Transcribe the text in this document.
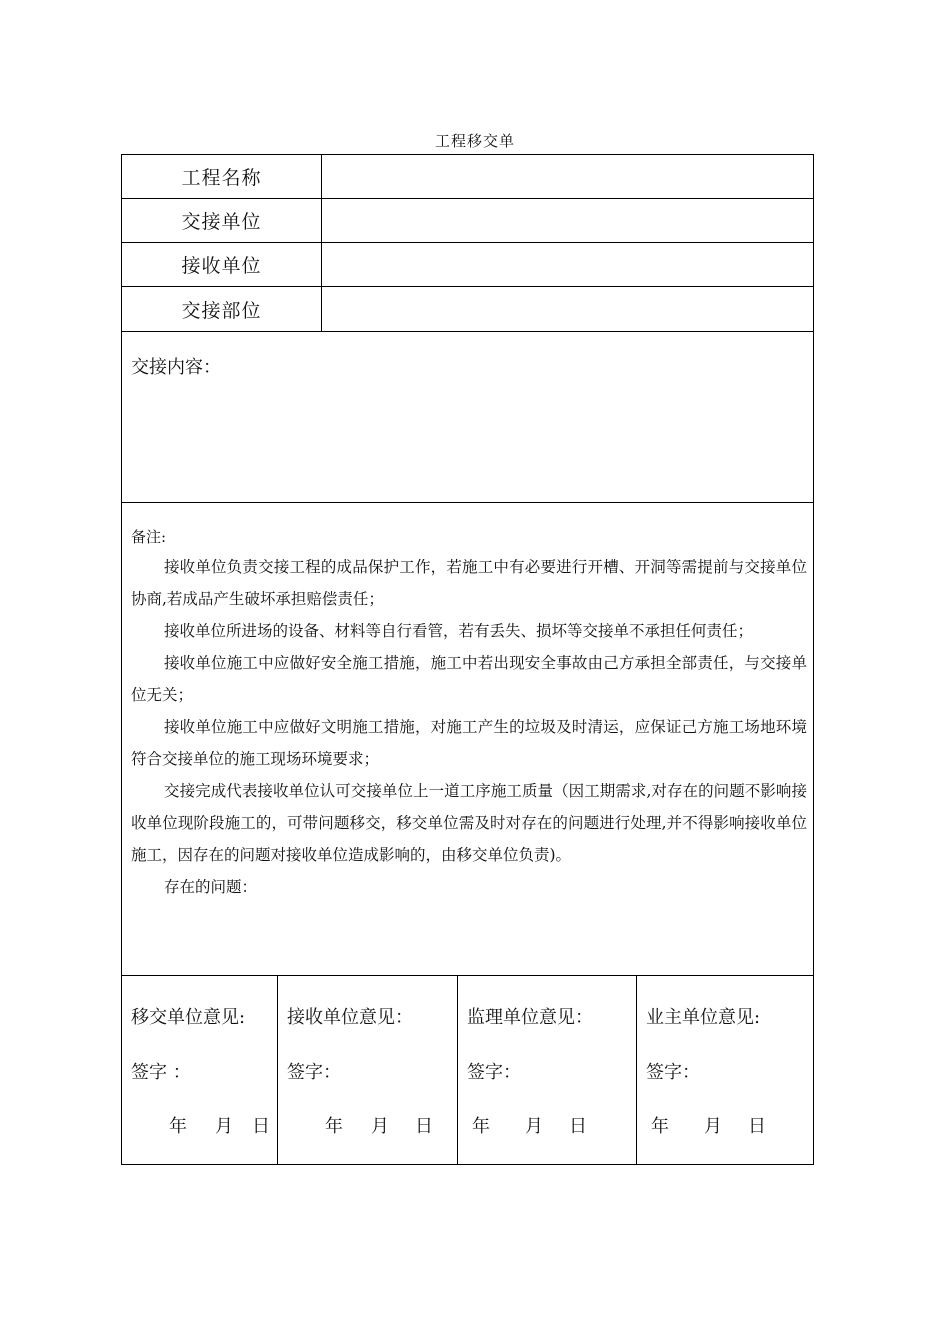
工程移交单
工程名称
交接单位
接收单位
交接部位
交接内容：
备注:

接收单位负责交接工程的成品保护工作，若施工中有必要进行开槽、开洞等需提前与交接单位协商,若成品产生破坏承担赔偿责任；

接收单位所进场的设备、材料等自行看管，若有丢失、损坏等交接单不承担任何责任；

接收单位施工中应做好安全施工措施，施工中若出现安全事故由己方承担全部责任，与交接单位无关；

接收单位施工中应做好文明施工措施，对施工产生的垃圾及时清运，应保证己方施工场地环境符合交接单位的施工现场环境要求；

交接完成代表接收单位认可交接单位上一道工序施工质量（因工期需求,对存在的问题不影响接收单位现阶段施工的，可带问题移交，移交单位需及时对存在的问题进行处理,并不得影响接收单位施工，因存在的问题对接收单位造成影响的，由移交单位负责)。

存在的问题：

移交单位意见:
签字 ：
年 月 日
接收单位意见：
签字：
年 月 日
监理单位意见：
签字：
年 月 日
业主单位意见:
签字：
年 月 日
